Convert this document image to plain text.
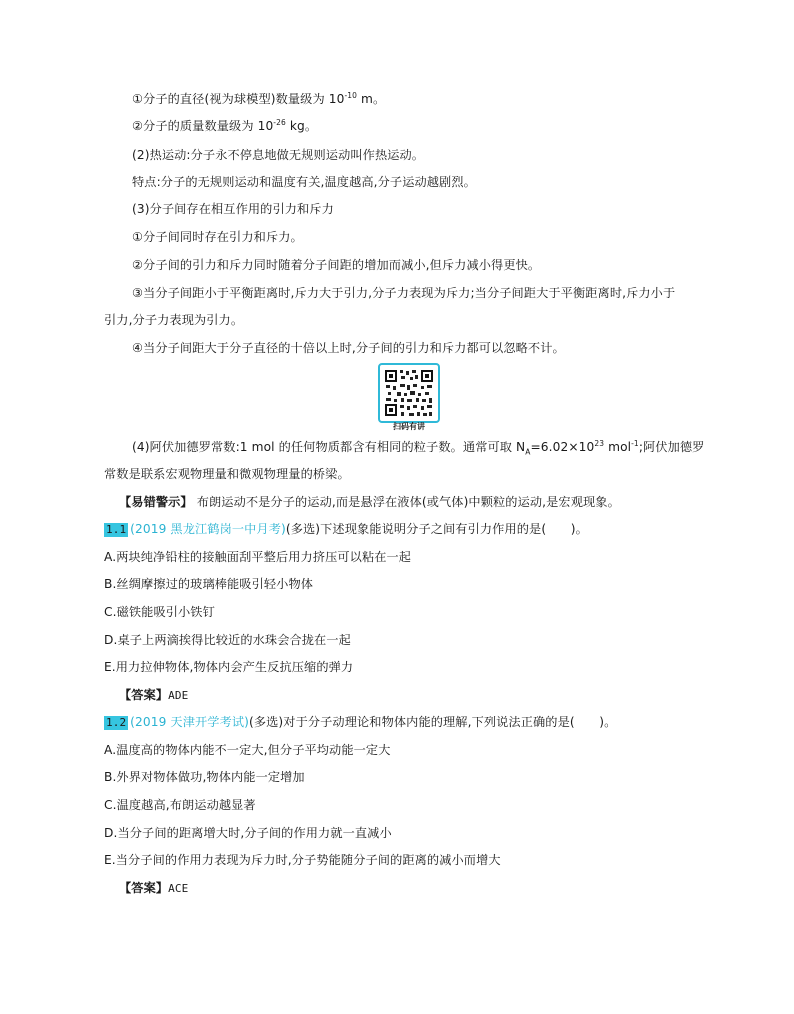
①分子的直径(视为球模型)数量级为 $10^{-10}$ m。
②分子的质量数量级为 $10^{-26}$ kg。
(2)热运动:分子永不停息地做无规则运动叫作热运动。
特点:分子的无规则运动和温度有关,温度越高,分子运动越剧烈。
(3)分子间存在相互作用的引力和斥力
①分子间同时存在引力和斥力。
②分子间的引力和斥力同时随着分子间距的增加而减小,但斥力减小得更快。
③当分子间距小于平衡距离时,斥力大于引力,分子力表现为斥力;当分子间距大于平衡距离时,斥力小于
引力,分子力表现为引力。
④当分子间距大于分子直径的十倍以上时,分子间的引力和斥力都可以忽略不计。
扫码有讲
(4)阿伏加德罗常数:1 mol 的任何物质都含有相同的粒子数。通常可取 $N_A=6.02\times 10^{23}$ mol$^{-1}$;阿伏加德罗
常数是联系宏观物理量和微观物理量的桥梁。
【易错警示】 布朗运动不是分子的运动,而是悬浮在液体(或气体)中颗粒的运动,是宏观现象。
1.1 (2019 黑龙江鹤岗一中月考)(多选)下述现象能说明分子之间有引力作用的是(　　)。
A.两块纯净铅柱的接触面刮平整后用力挤压可以粘在一起
B.丝绸摩擦过的玻璃棒能吸引轻小物体
C.磁铁能吸引小铁钉
D.桌子上两滴挨得比较近的水珠会合拢在一起
E.用力拉伸物体,物体内会产生反抗压缩的弹力
【答案】ADE
1.2 (2019 天津开学考试)(多选)对于分子动理论和物体内能的理解,下列说法正确的是(　　)。
A.温度高的物体内能不一定大,但分子平均动能一定大
B.外界对物体做功,物体内能一定增加
C.温度越高,布朗运动越显著
D.当分子间的距离增大时,分子间的作用力就一直减小
E.当分子间的作用力表现为斥力时,分子势能随分子间的距离的减小而增大
【答案】ACE
